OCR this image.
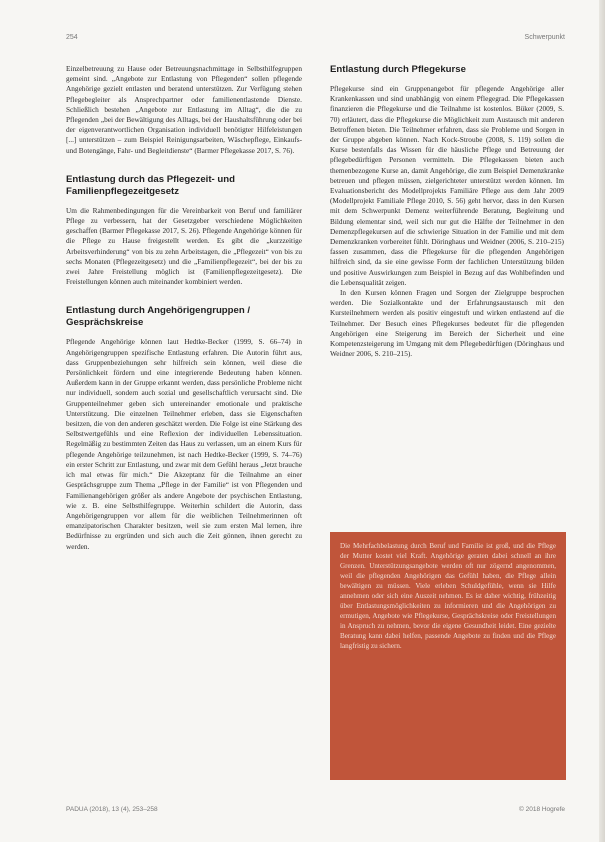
254	Schwerpunkt

Einzelbetreuung zu Hause oder Betreuungsnachmittage in Selbsthilfegruppen gemeint sind. „Angebote zur Entlastung von Pflegenden“ sollen pflegende Angehörige gezielt entlasten und beratend unterstützen. Zur Verfügung stehen Pflegebegleiter als Ansprechpartner oder familienentlastende Dienste. Schließlich bestehen „Angebote zur Entlastung im Alltag“, die die zu Pflegenden „bei der Bewältigung des Alltags, bei der Haushaltsführung oder bei der eigenverantwortlichen Organisation individuell benötigter Hilfeleistungen [...] unterstützen – zum Beispiel Reinigungsarbeiten, Wäschepflege, Einkaufs- und Botengänge, Fahr- und Begleitdienste“ (Barmer Pflegekasse 2017, S. 76).

Entlastung durch das Pflegezeit- und Familienpflegezeitgesetz

Um die Rahmenbedingungen für die Vereinbarkeit von Beruf und familiärer Pflege zu verbessern, hat der Gesetzgeber verschiedene Möglichkeiten geschaffen (Barmer Pflegekasse 2017, S. 26). Pflegende Angehörige können für die Pflege zu Hause freigestellt werden. Es gibt die „kurzzeitige Arbeitsverhinderung“ von bis zu zehn Arbeitstagen, die „Pflegezeit“ von bis zu sechs Monaten (Pflegezeitgesetz) und die „Familienpflegezeit“, bei der bis zu zwei Jahre Freistellung möglich ist (Familienpflegezeitgesetz). Die Freistellungen können auch miteinander kombiniert werden.

Entlastung durch Angehörigengruppen / Gesprächskreise

Pflegende Angehörige können laut Hedtke-Becker (1999, S. 66–74) in Angehörigengruppen spezifische Entlastung erfahren. Die Autorin führt aus, dass Gruppenbeziehungen sehr hilfreich sein können, weil diese die Persönlichkeit fördern und eine integrierende Bedeutung haben können. Außerdem kann in der Gruppe erkannt werden, dass persönliche Probleme nicht nur individuell, sondern auch sozial und gesellschaftlich verursacht sind. Die Gruppenteilnehmer geben sich untereinander emotionale und praktische Unterstützung. Die einzelnen Teilnehmer erleben, dass sie Eigenschaften besitzen, die von den anderen geschätzt werden. Die Folge ist eine Stärkung des Selbstwertgefühls und eine Reflexion der individuellen Lebenssituation. Regelmäßig zu bestimmten Zeiten das Haus zu verlassen, um an einem Kurs für pflegende Angehörige teilzunehmen, ist nach Hedtke-Becker (1999, S. 74–76) ein erster Schritt zur Entlastung, und zwar mit dem Gefühl heraus „Jetzt brauche ich mal etwas für mich.“ Die Akzeptanz für die Teilnahme an einer Gesprächsgruppe zum Thema „Pflege in der Familie“ ist von Pflegenden und Familienangehörigen größer als andere Angebote der psychischen Entlastung, wie z. B. eine Selbsthilfegruppe. Weiterhin schildert die Autorin, dass Angehörigengruppen vor allem für die weiblichen Teilnehmerinnen oft emanzipatorischen Charakter besitzen, weil sie zum ersten Mal lernen, ihre Bedürfnisse zu ergründen und sich auch die Zeit gönnen, ihnen gerecht zu werden.

Entlastung durch Pflegekurse

Pflegekurse sind ein Gruppenangebot für pflegende Angehörige aller Krankenkassen und sind unabhängig von einem Pflegegrad. Die Pflegekassen finanzieren die Pflegekurse und die Teilnahme ist kostenlos. Büker (2009, S. 70) erläutert, dass die Pflegekurse die Möglichkeit zum Austausch mit anderen Betroffenen bieten. Die Teilnehmer erfahren, dass sie Probleme und Sorgen in der Gruppe abgeben können. Nach Kock-Stroube (2008, S. 119) sollen die Kurse bestenfalls das Wissen für die häusliche Pflege und Betreuung der pflegebedürftigen Personen vermitteln. Die Pflegekassen bieten auch themenbezogene Kurse an, damit Angehörige, die zum Beispiel Demenzkranke betreuen und pflegen müssen, zielgerichteter unterstützt werden können. Im Evaluationsbericht des Modellprojekts Familiäre Pflege aus dem Jahr 2009 (Modellprojekt Familiale Pflege 2010, S. 56) geht hervor, dass in den Kursen mit dem Schwerpunkt Demenz weiterführende Beratung, Begleitung und Bildung elementar sind, weil sich nur gut die Hälfte der Teilnehmer in den Demenzpflegekursen auf die schwierige Situation in der Familie und mit dem Demenzkranken vorbereitet fühlt. Döringhaus und Weidner (2006, S. 210–215) fassen zusammen, dass die Pflegekurse für die pflegenden Angehörigen hilfreich sind, da sie eine gewisse Form der fachlichen Unterstützung bilden und positive Auswirkungen zum Beispiel in Bezug auf das Wohlbefinden und die Lebensqualität zeigen.

In den Kursen können Fragen und Sorgen der Zielgruppe besprochen werden. Die Sozialkontakte und der Erfahrungsaustausch mit den Kursteilnehmern werden als positiv eingestuft und wirken entlastend auf die Teilnehmer. Der Besuch eines Pflegekurses bedeutet für die pflegenden Angehörigen eine Steigerung im Bereich der Sicherheit und eine Kompetenzsteigerung im Umgang mit dem Pflegebedürftigen (Döringhaus und Weidner 2006, S. 210–215).

Die Mehrfachbelastung durch Beruf und Familie ist groß, und die Pflege der Mutter kostet viel Kraft. Angehörige geraten dabei schnell an ihre Grenzen. Unterstützungsangebote werden oft nur zögernd angenommen, weil die pflegenden Angehörigen das Gefühl haben, die Pflege allein bewältigen zu müssen. Viele erleben Schuldgefühle, wenn sie Hilfe annehmen oder sich eine Auszeit nehmen. Es ist daher wichtig, frühzeitig über Entlastungsmöglichkeiten zu informieren und die Angehörigen zu ermutigen, Angebote wie Pflegekurse, Gesprächskreise oder Freistellungen in Anspruch zu nehmen, bevor die eigene Gesundheit leidet. Eine gezielte Beratung kann dabei helfen, passende Angebote zu finden und die Pflege langfristig zu sichern.

PADUA (2018), 13 (4), 253–258	© 2018 Hogrefe
